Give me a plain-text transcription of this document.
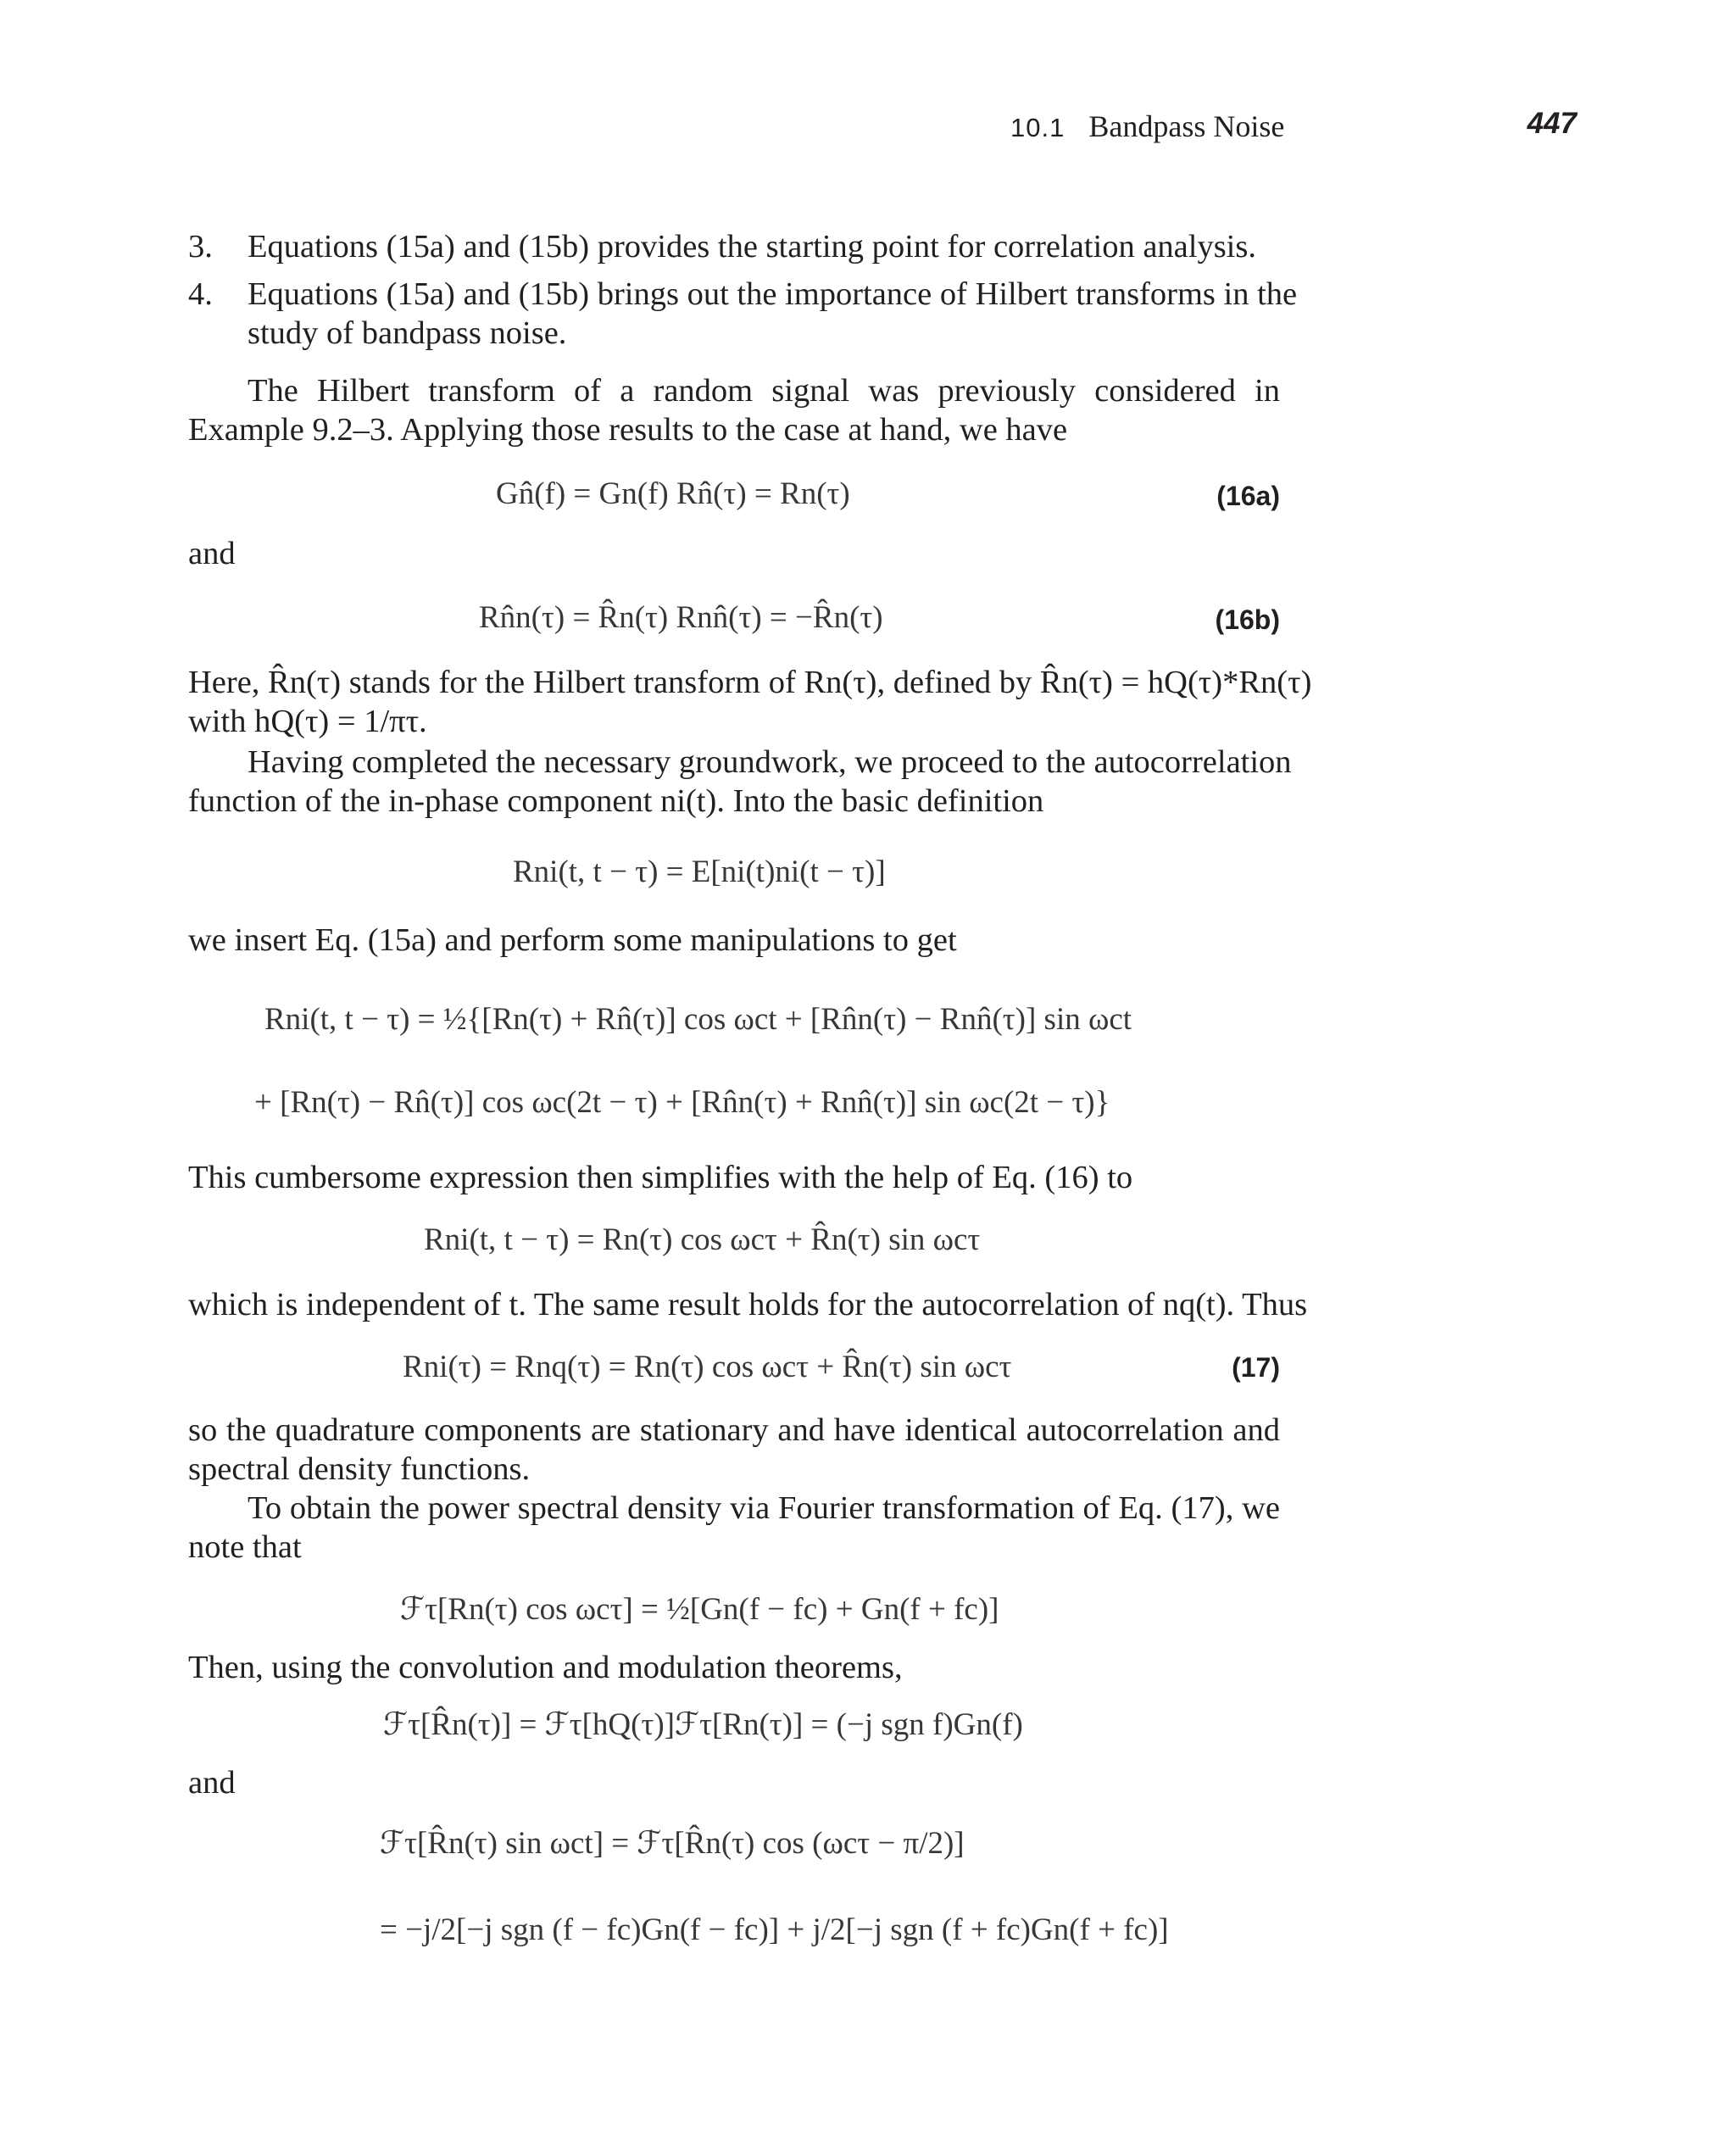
10.1 Bandpass Noise	447
3. Equations (15a) and (15b) provides the starting point for correlation analysis.
4. Equations (15a) and (15b) brings out the importance of Hilbert transforms in the
study of bandpass noise.
The Hilbert transform of a random signal was previously considered in
Example 9.2–3. Applying those results to the case at hand, we have
Gn̂(f) = Gn(f) Rn̂(τ) = Rn(τ)	(16a)
and
Rn̂n(τ) = R̂n(τ) Rnn̂(τ) = −R̂n(τ)	(16b)
Here, R̂n(τ) stands for the Hilbert transform of Rn(τ), defined by R̂n(τ) = hQ(τ)*Rn(τ)
with hQ(τ) = 1/πτ.
Having completed the necessary groundwork, we proceed to the autocorrelation
function of the in-phase component ni(t). Into the basic definition
Rni(t, t − τ) = E[ni(t)ni(t − τ)]
we insert Eq. (15a) and perform some manipulations to get
Rni(t, t − τ) = ½{[Rn(τ) + Rn̂(τ)] cos ωct + [Rn̂n(τ) − Rnn̂(τ)] sin ωct
+ [Rn(τ) − Rn̂(τ)] cos ωc(2t − τ) + [Rn̂n(τ) + Rnn̂(τ)] sin ωc(2t − τ)}
This cumbersome expression then simplifies with the help of Eq. (16) to
Rni(t, t − τ) = Rn(τ) cos ωcτ + R̂n(τ) sin ωcτ
which is independent of t. The same result holds for the autocorrelation of nq(t). Thus
Rni(τ) = Rnq(τ) = Rn(τ) cos ωcτ + R̂n(τ) sin ωcτ	(17)
so the quadrature components are stationary and have identical autocorrelation and
spectral density functions.
To obtain the power spectral density via Fourier transformation of Eq. (17), we
note that
ℱτ[Rn(τ) cos ωcτ] = ½[Gn(f − fc) + Gn(f + fc)]
Then, using the convolution and modulation theorems,
ℱτ[R̂n(τ)] = ℱτ[hQ(τ)]ℱτ[Rn(τ)] = (−j sgn f)Gn(f)
and
ℱτ[R̂n(τ) sin ωct] = ℱτ[R̂n(τ) cos (ωcτ − π/2)]
= −j/2[−j sgn (f − fc)Gn(f − fc)] + j/2[−j sgn (f + fc)Gn(f + fc)]
